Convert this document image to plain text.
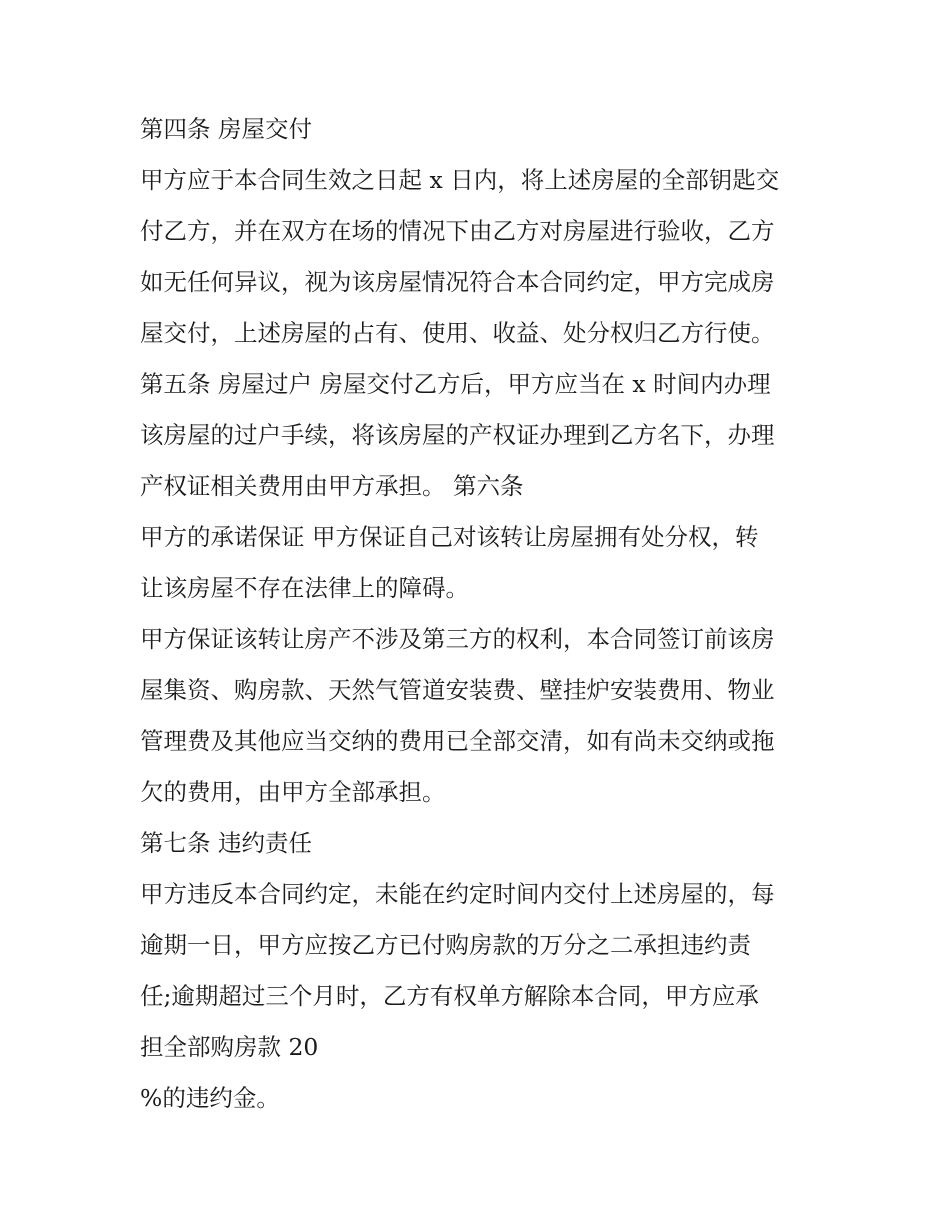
第四条 房屋交付
甲方应于本合同生效之日起 x 日内，将上述房屋的全部钥匙交
付乙方，并在双方在场的情况下由乙方对房屋进行验收，乙方
如无任何异议，视为该房屋情况符合本合同约定，甲方完成房
屋交付，上述房屋的占有、使用、收益、处分权归乙方行使。
第五条 房屋过户 房屋交付乙方后，甲方应当在 x 时间内办理
该房屋的过户手续，将该房屋的产权证办理到乙方名下，办理
产权证相关费用由甲方承担。 第六条
甲方的承诺保证 甲方保证自己对该转让房屋拥有处分权，转
让该房屋不存在法律上的障碍。
甲方保证该转让房产不涉及第三方的权利，本合同签订前该房
屋集资、购房款、天然气管道安装费、壁挂炉安装费用、物业
管理费及其他应当交纳的费用已全部交清，如有尚未交纳或拖
欠的费用，由甲方全部承担。
第七条 违约责任
甲方违反本合同约定，未能在约定时间内交付上述房屋的，每
逾期一日，甲方应按乙方已付购房款的万分之二承担违约责
任;逾期超过三个月时，乙方有权单方解除本合同，甲方应承
担全部购房款 20
%的违约金。
